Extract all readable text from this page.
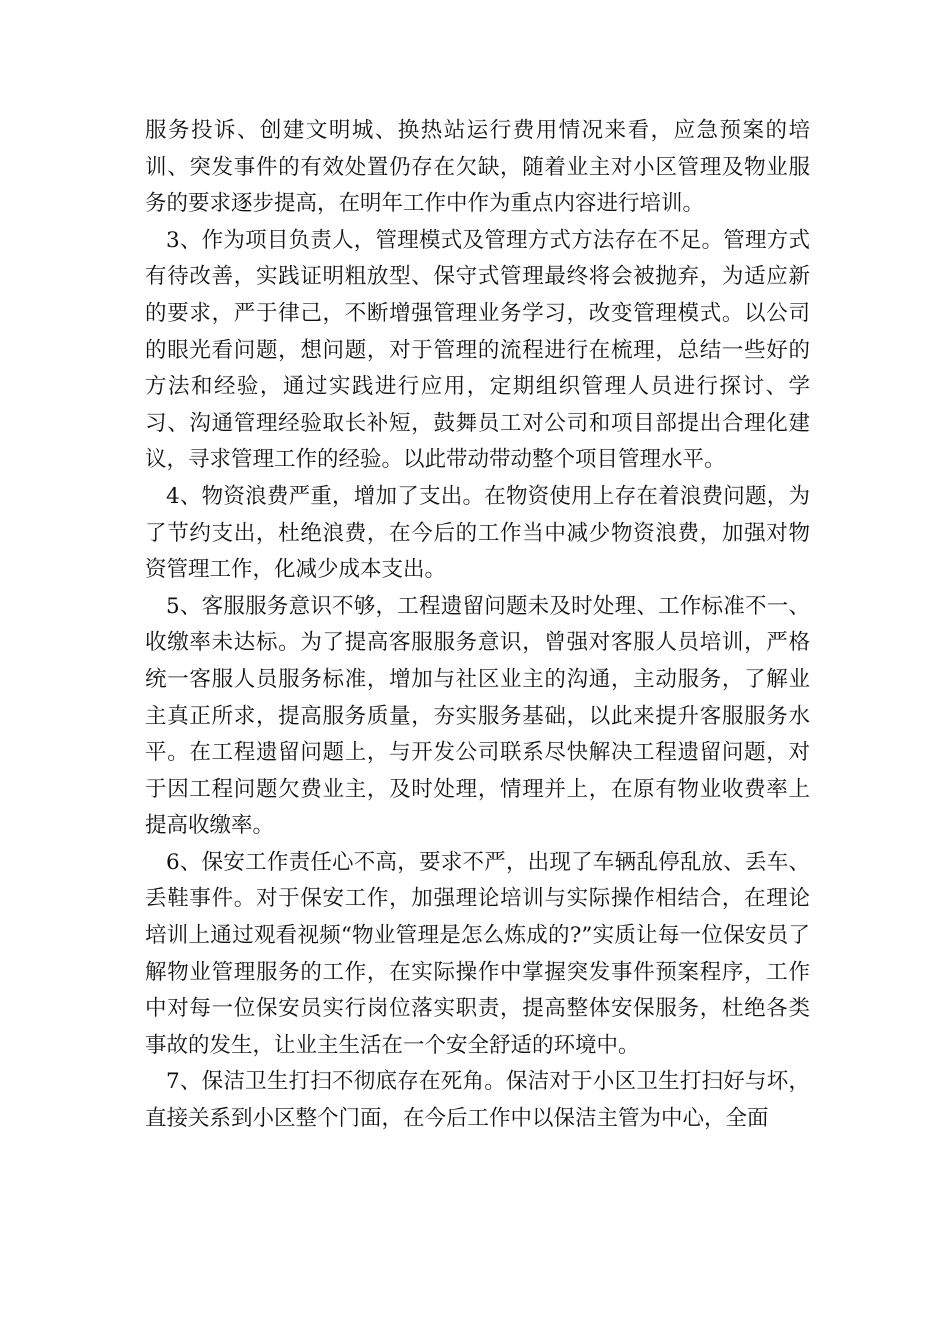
服务投诉、创建文明城、换热站运行费用情况来看，应急预案的培训、突发事件的有效处置仍存在欠缺，随着业主对小区管理及物业服务的要求逐步提高，在明年工作中作为重点内容进行培训。

3、作为项目负责人，管理模式及管理方式方法存在不足。管理方式有待改善，实践证明粗放型、保守式管理最终将会被抛弃，为适应新的要求，严于律己，不断增强管理业务学习，改变管理模式。以公司的眼光看问题，想问题，对于管理的流程进行在梳理，总结一些好的方法和经验，通过实践进行应用，定期组织管理人员进行探讨、学习、沟通管理经验取长补短，鼓舞员工对公司和项目部提出合理化建议，寻求管理工作的经验。以此带动带动整个项目管理水平。

4、物资浪费严重，增加了支出。在物资使用上存在着浪费问题，为了节约支出，杜绝浪费，在今后的工作当中减少物资浪费，加强对物资管理工作，化减少成本支出。

5、客服服务意识不够，工程遗留问题未及时处理、工作标准不一、收缴率未达标。为了提高客服服务意识，曾强对客服人员培训，严格统一客服人员服务标准，增加与社区业主的沟通，主动服务，了解业主真正所求，提高服务质量，夯实服务基础，以此来提升客服服务水平。在工程遗留问题上，与开发公司联系尽快解决工程遗留问题，对于因工程问题欠费业主，及时处理，情理并上，在原有物业收费率上提高收缴率。

6、保安工作责任心不高，要求不严，出现了车辆乱停乱放、丢车、丢鞋事件。对于保安工作，加强理论培训与实际操作相结合，在理论培训上通过观看视频“物业管理是怎么炼成的?”实质让每一位保安员了解物业管理服务的工作，在实际操作中掌握突发事件预案程序，工作中对每一位保安员实行岗位落实职责，提高整体安保服务，杜绝各类事故的发生，让业主生活在一个安全舒适的环境中。

7、保洁卫生打扫不彻底存在死角。保洁对于小区卫生打扫好与坏，直接关系到小区整个门面，在今后工作中以保洁主管为中心，全面
